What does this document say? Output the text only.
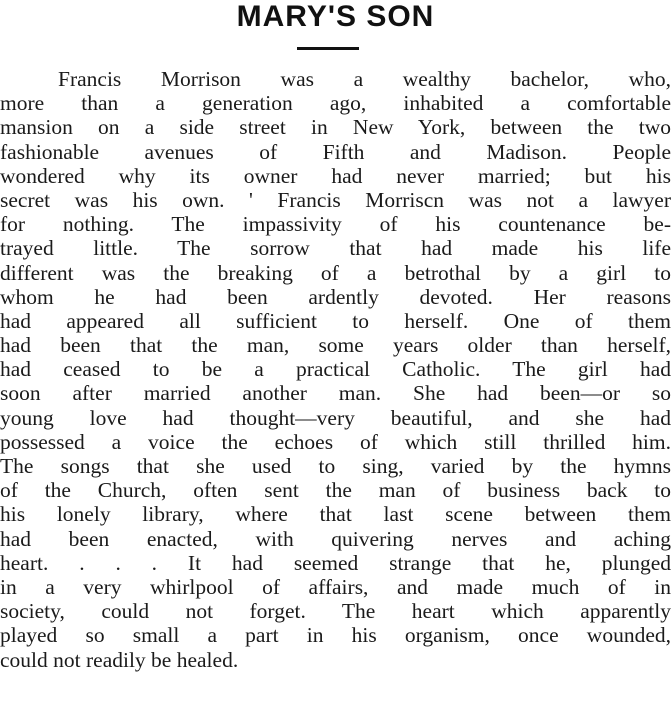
MARY'S SON
Francis Morrison was a wealthy bachelor, who,
more than a generation ago, inhabited a comfortable
mansion on a side street in New York, between the two
fashionable avenues of Fifth and Madison. People
wondered why its owner had never married; but his
secret was his own. ' Francis Morriscn was not a lawyer
for nothing. The impassivity of his countenance be-
trayed little. The sorrow that had made his life
different was the breaking of a betrothal by a girl to
whom he had been ardently devoted. Her reasons
had appeared all sufficient to herself. One of them
had been that the man, some years older than herself,
had ceased to be a practical Catholic. The girl had
soon after married another man. She had been—or so
young love had thought—very beautiful, and she had
possessed a voice the echoes of which still thrilled him.
The songs that she used to sing, varied by the hymns
of the Church, often sent the man of business back to
his lonely library, where that last scene between them
had been enacted, with quivering nerves and aching
heart. . . . It had seemed strange that he, plunged
in a very whirlpool of affairs, and made much of in
society, could not forget. The heart which apparently
played so small a part in his organism, once wounded,
could not readily be healed.
